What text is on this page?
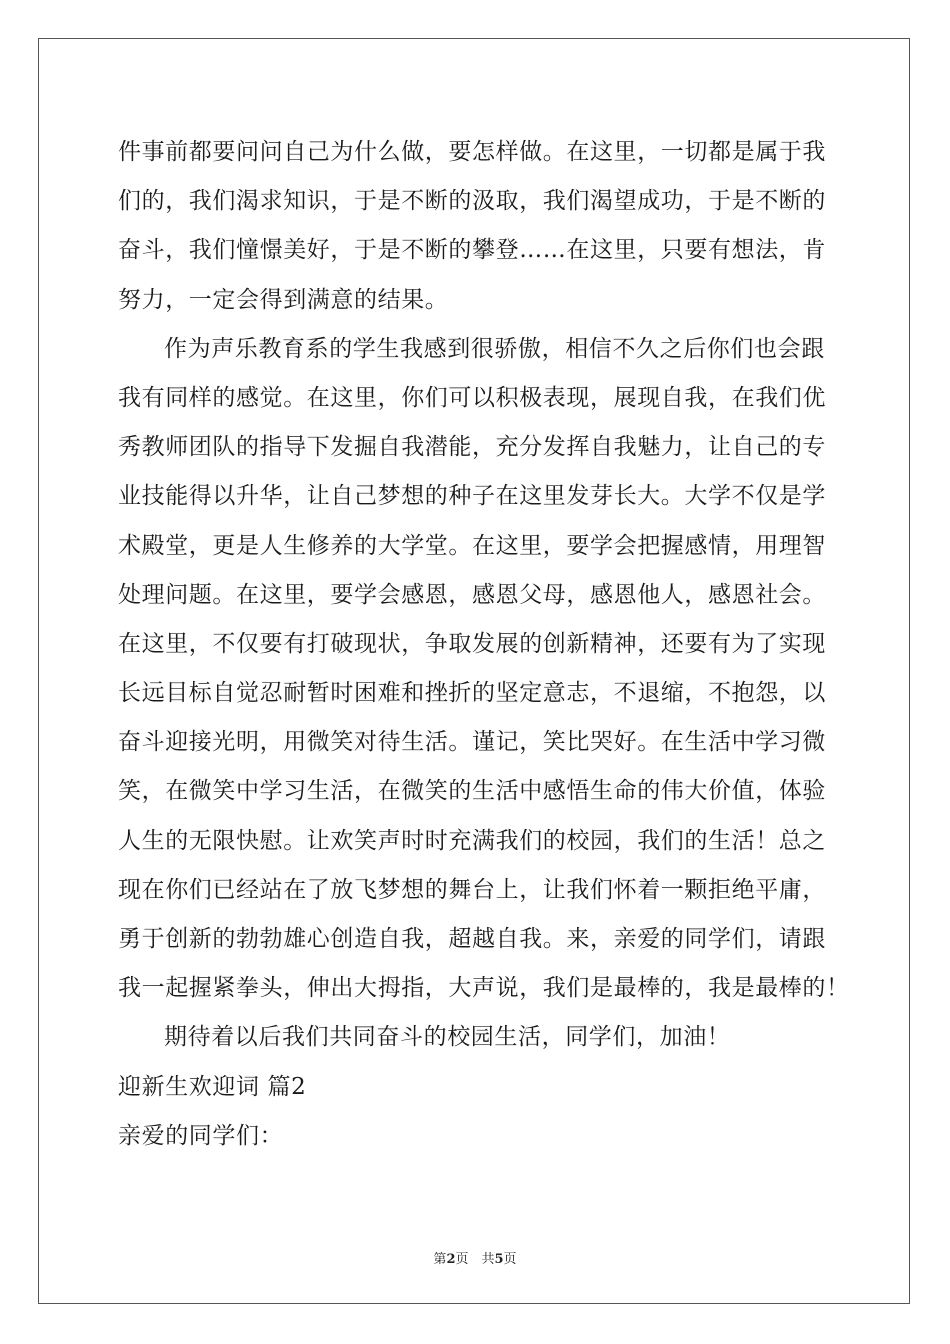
件事前都要问问自己为什么做，要怎样做。在这里，一切都是属于我
们的，我们渴求知识，于是不断的汲取，我们渴望成功，于是不断的
奋斗，我们憧憬美好，于是不断的攀登……在这里，只要有想法，肯
努力，一定会得到满意的结果。
作为声乐教育系的学生我感到很骄傲，相信不久之后你们也会跟
我有同样的感觉。在这里，你们可以积极表现，展现自我，在我们优
秀教师团队的指导下发掘自我潜能，充分发挥自我魅力，让自己的专
业技能得以升华，让自己梦想的种子在这里发芽长大。大学不仅是学
术殿堂，更是人生修养的大学堂。在这里，要学会把握感情，用理智
处理问题。在这里，要学会感恩，感恩父母，感恩他人，感恩社会。
在这里，不仅要有打破现状，争取发展的创新精神，还要有为了实现
长远目标自觉忍耐暂时困难和挫折的坚定意志，不退缩，不抱怨，以
奋斗迎接光明，用微笑对待生活。谨记，笑比哭好。在生活中学习微
笑，在微笑中学习生活，在微笑的生活中感悟生命的伟大价值，体验
人生的无限快慰。让欢笑声时时充满我们的校园，我们的生活！总之
现在你们已经站在了放飞梦想的舞台上，让我们怀着一颗拒绝平庸，
勇于创新的勃勃雄心创造自我，超越自我。来，亲爱的同学们，请跟
我一起握紧拳头，伸出大拇指，大声说，我们是最棒的，我是最棒的！
期待着以后我们共同奋斗的校园生活，同学们，加油！
迎新生欢迎词 篇2
亲爱的同学们：
第2页　共5页
